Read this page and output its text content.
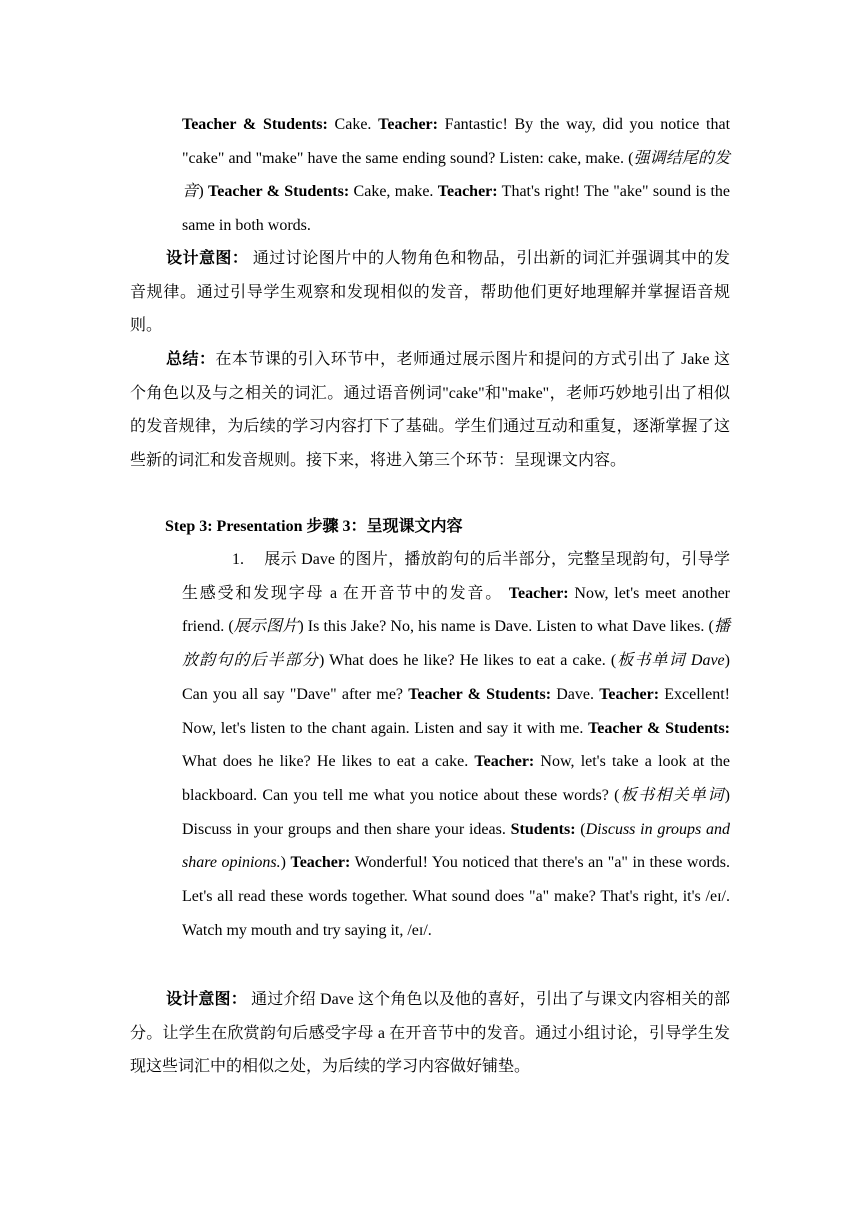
Teacher & Students: Cake. Teacher: Fantastic! By the way, did you notice that "cake" and "make" have the same ending sound? Listen: cake, make. (强调结尾的发音) Teacher & Students: Cake, make. Teacher: That's right! The "ake" sound is the same in both words.

设计意图： 通过讨论图片中的人物角色和物品，引出新的词汇并强调其中的发音规律。通过引导学生观察和发现相似的发音，帮助他们更好地理解并掌握语音规则。

总结：在本节课的引入环节中，老师通过展示图片和提问的方式引出了 Jake 这个角色以及与之相关的词汇。通过语音例词"cake"和"make"，老师巧妙地引出了相似的发音规律，为后续的学习内容打下了基础。学生们通过互动和重复，逐渐掌握了这些新的词汇和发音规则。接下来，将进入第三个环节：呈现课文内容。

Step 3: Presentation 步骤 3：呈现课文内容

1. 展示 Dave 的图片，播放韵句的后半部分，完整呈现韵句，引导学生感受和发现字母 a 在开音节中的发音。 Teacher: Now, let's meet another friend. (展示图片) Is this Jake? No, his name is Dave. Listen to what Dave likes. (播放韵句的后半部分) What does he like? He likes to eat a cake. (板书单词 Dave) Can you all say "Dave" after me? Teacher & Students: Dave. Teacher: Excellent! Now, let's listen to the chant again. Listen and say it with me. Teacher & Students: What does he like? He likes to eat a cake. Teacher: Now, let's take a look at the blackboard. Can you tell me what you notice about these words? (板书相关单词) Discuss in your groups and then share your ideas. Students: (Discuss in groups and share opinions.) Teacher: Wonderful! You noticed that there's an "a" in these words. Let's all read these words together. What sound does "a" make? That's right, it's /eɪ/. Watch my mouth and try saying it, /eɪ/.

设计意图： 通过介绍 Dave 这个角色以及他的喜好，引出了与课文内容相关的部分。让学生在欣赏韵句后感受字母 a 在开音节中的发音。通过小组讨论，引导学生发现这些词汇中的相似之处，为后续的学习内容做好铺垫。
